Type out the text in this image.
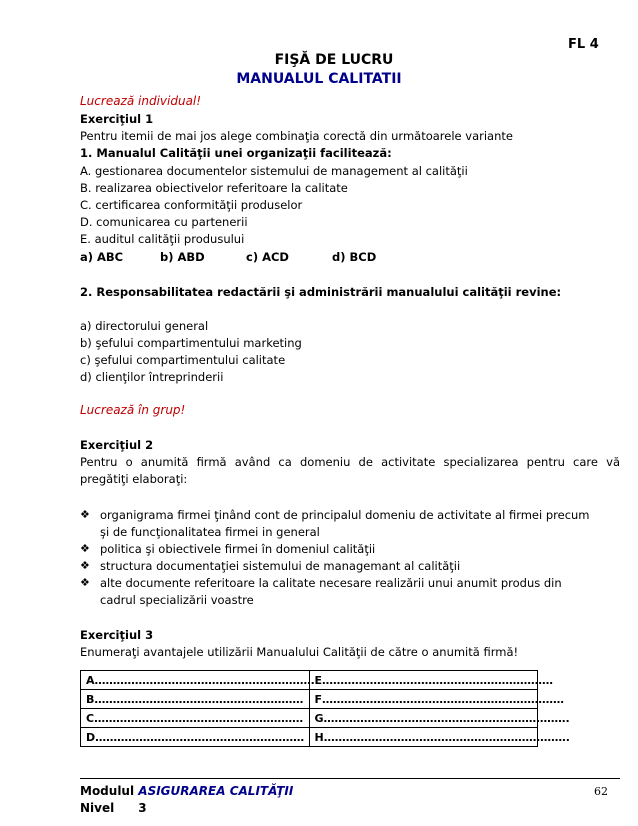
FL 4
FIŞĂ DE LUCRU
MANUALUL CALITATII
Lucrează individual!
Exerciţiul 1
Pentru itemii de mai jos alege combinaţia corectă din următoarele variante
1. Manualul Calităţii unei organizaţii facilitează:
A. gestionarea documentelor sistemului de management al calităţii
B. realizarea obiectivelor referitoare la calitate
C. certificarea conformităţii produselor
D. comunicarea cu partenerii
E. auditul calităţii produsului
a) ABC	b) ABD	c) ACD	d) BCD
2. Responsabilitatea redactării şi administrării manualului calităţii revine:
a) directorului general
b) şefului compartimentului marketing
c) şefului compartimentului calitate
d) clienţilor întreprinderii
Lucrează în grup!
Exerciţiul 2
Pentru o anumită firmă având ca domeniu de activitate specializarea pentru care vă
pregătiţi elaboraţi:
❖ organigrama firmei ţinând cont de principalul domeniu de activitate al firmei precum
şi de funcţionalitatea firmei in general
❖ politica şi obiectivele firmei în domeniul calităţii
❖ structura documentaţiei sistemului de managemant al calităţii
❖ alte documente referitoare la calitate necesare realizării unui anumit produs din
cadrul specializării voastre
Exerciţiul 3
Enumeraţi avantajele utilizării Manualului Calităţii de către o anumită firmă!
A…………………………………………………….	E………………………………………………………
B…………………………………………………	F…………………………………………………………
C…………………………………………………	G………………………………………………………….
D…………………………………………………	H………………………………………………………….
Modulul ASIGURAREA CALITĂŢII
Nivel 3
62
